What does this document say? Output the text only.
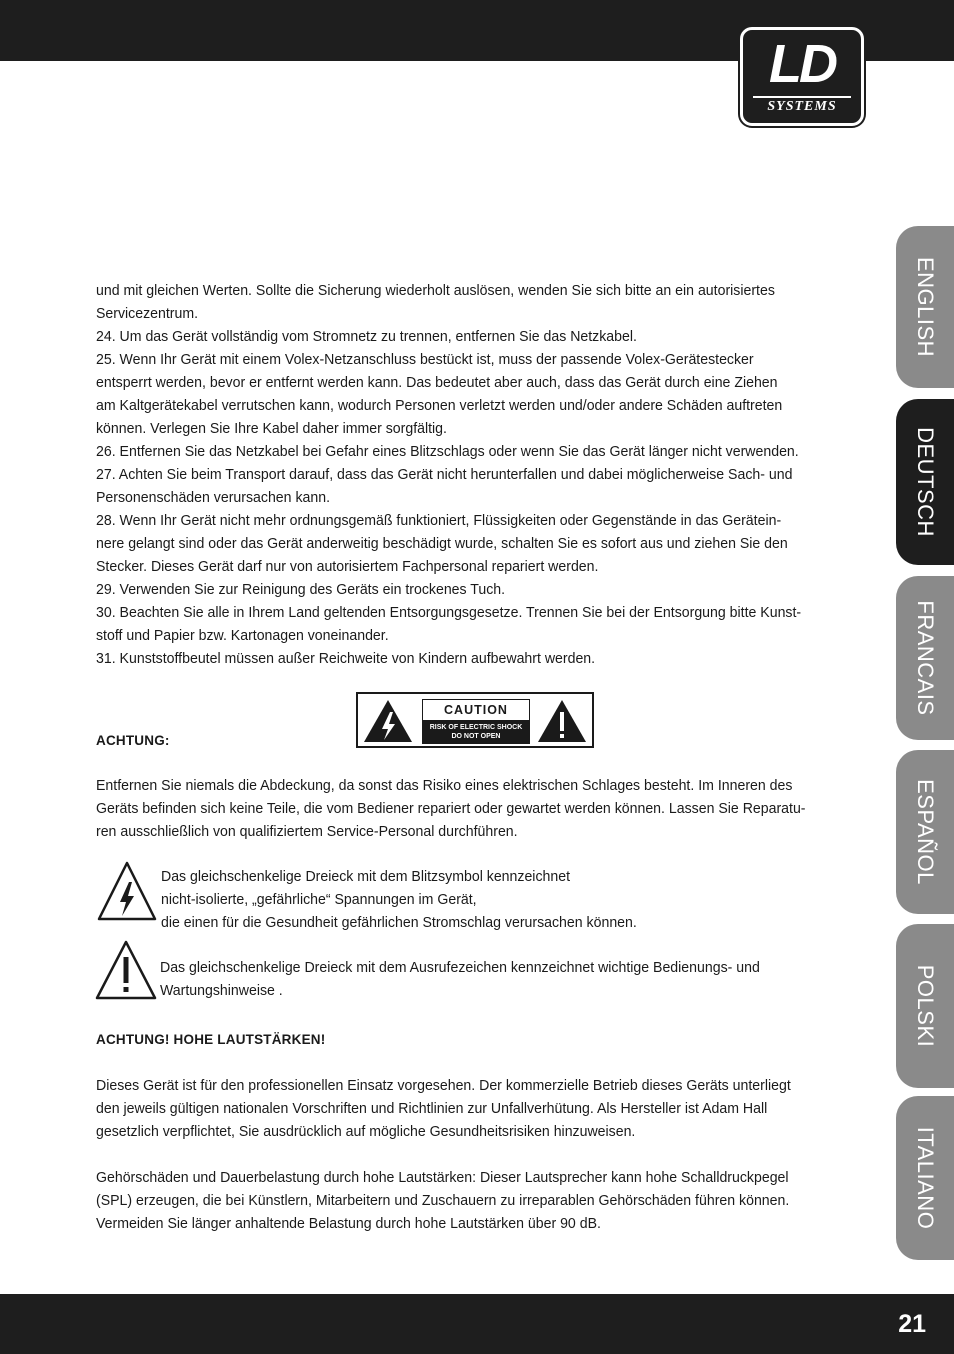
LD
SYSTEMS
ENGLISH
DEUTSCH
FRANCAIS
ESPAÑOL
POLSKI
ITALIANO

und mit gleichen Werten. Sollte die Sicherung wiederholt auslösen, wenden Sie sich bitte an ein autorisiertes

Servicezentrum.

24. Um das Gerät vollständig vom Stromnetz zu trennen, entfernen Sie das Netzkabel.

25. Wenn Ihr Gerät mit einem Volex-Netzanschluss bestückt ist, muss der passende Volex-Gerätestecker

entsperrt werden, bevor er entfernt werden kann. Das bedeutet aber auch, dass das Gerät durch eine Ziehen

am Kaltgerätekabel verrutschen kann, wodurch Personen verletzt werden und/oder andere Schäden auftreten

können. Verlegen Sie Ihre Kabel daher immer sorgfältig.

26. Entfernen Sie das Netzkabel bei Gefahr eines Blitzschlags oder wenn Sie das Gerät länger nicht verwenden.

27. Achten Sie beim Transport darauf, dass das Gerät nicht herunterfallen und dabei möglicherweise Sach- und

Personenschäden verursachen kann.

28. Wenn Ihr Gerät nicht mehr ordnungsgemäß funktioniert, Flüssigkeiten oder Gegenstände in das Gerätein-

nere gelangt sind oder das Gerät anderweitig beschädigt wurde, schalten Sie es sofort aus und ziehen Sie den

Stecker. Dieses Gerät darf nur von autorisiertem Fachpersonal repariert werden.

29. Verwenden Sie zur Reinigung des Geräts ein trockenes Tuch.

30. Beachten Sie alle in Ihrem Land geltenden Entsorgungsgesetze. Trennen Sie bei der Entsorgung bitte Kunst-

stoff und Papier bzw. Kartonagen voneinander.

31. Kunststoffbeutel müssen außer Reichweite von Kindern aufbewahrt werden.

CAUTION
RISK OF ELECTRIC SHOCK
DO NOT OPEN
ACHTUNG:

Entfernen Sie niemals die Abdeckung, da sonst das Risiko eines elektrischen Schlages besteht. Im Inneren des

Geräts befinden sich keine Teile, die vom Bediener repariert oder gewartet werden können. Lassen Sie Reparatu-

ren ausschließlich von qualifiziertem Service-Personal durchführen.

Das gleichschenkelige Dreieck mit dem Blitzsymbol kennzeichnet

nicht-isolierte, „gefährliche“ Spannungen im Gerät,

die einen für die Gesundheit gefährlichen Stromschlag verursachen können.

Das gleichschenkelige Dreieck mit dem Ausrufezeichen kennzeichnet wichtige Bedienungs- und

Wartungshinweise .

ACHTUNG! HOHE LAUTSTÄRKEN!

Dieses Gerät ist für den professionellen Einsatz vorgesehen. Der kommerzielle Betrieb dieses Geräts unterliegt

den jeweils gültigen nationalen Vorschriften und Richtlinien zur Unfallverhütung. Als Hersteller ist Adam Hall

gesetzlich verpflichtet, Sie ausdrücklich auf mögliche Gesundheitsrisiken hinzuweisen.

Gehörschäden und Dauerbelastung durch hohe Lautstärken: Dieser Lautsprecher kann hohe Schalldruckpegel

(SPL) erzeugen, die bei Künstlern, Mitarbeitern und Zuschauern zu irreparablen Gehörschäden führen können.

Vermeiden Sie länger anhaltende Belastung durch hohe Lautstärken über 90 dB.

21
